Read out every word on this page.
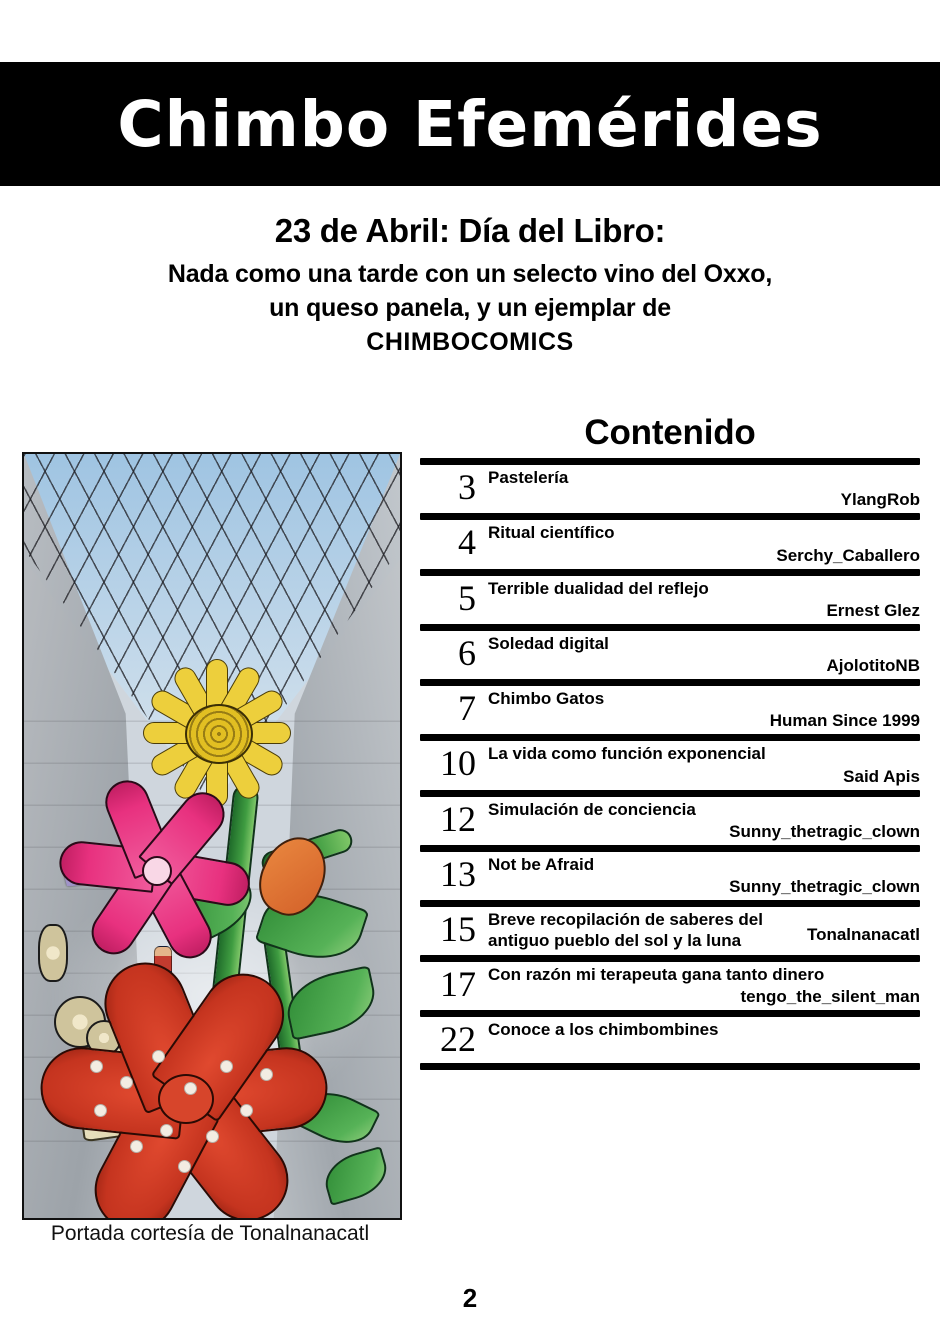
Chimbo Efemérides
23 de Abril: Día del Libro:
Nada como una tarde con un selecto vino del Oxxo,
un queso panela, y un ejemplar de
CHIMBOCOMICS
Portada cortesía de Tonalnanacatl
Contenido
3 Pastelería
YlangRob
4 Ritual científico
Serchy_Caballero
5 Terrible dualidad del reflejo
Ernest Glez
6 Soledad digital
AjolotitoNB
7 Chimbo Gatos
Human Since 1999
10 La vida como función exponencial
Said Apis
12 Simulación de conciencia
Sunny_thetragic_clown
13 Not be Afraid
Sunny_thetragic_clown
15 Breve recopilación de saberes del antiguo pueblo del sol y la luna	Tonalnanacatl
17 Con razón mi terapeuta gana tanto dinero
tengo_the_silent_man
22 Conoce a los chimbombines
2
